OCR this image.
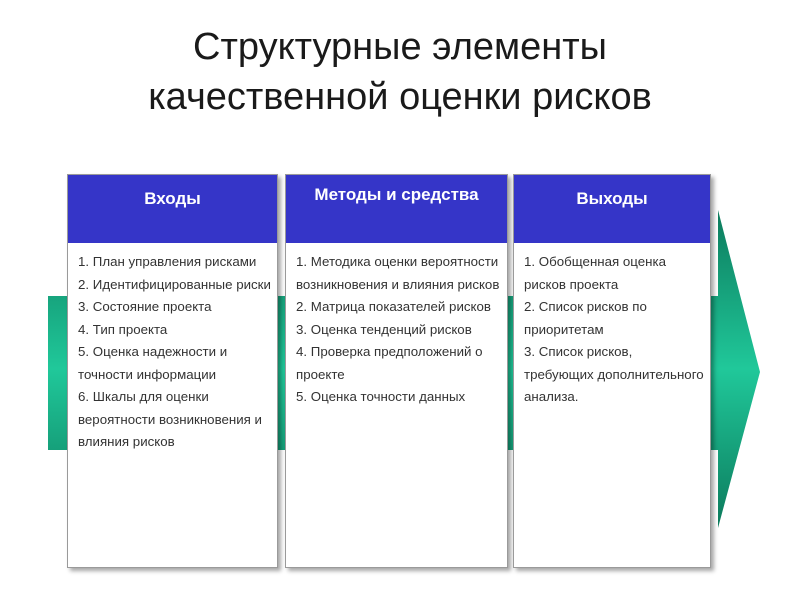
Структурные элементы
качественной оценки рисков
Входы
1. План управления рисками
2. Идентифицированные риски
3. Состояние проекта
4. Тип проекта
5. Оценка надежности и точности информации
6. Шкалы для оценки вероятности возникновения и влияния рисков
Методы и средства
1. Методика оценки вероятности возникновения и влияния рисков
2. Матрица показателей рисков
3. Оценка тенденций рисков
4. Проверка предположений о проекте
5. Оценка точности данных
Выходы
1. Обобщенная оценка рисков проекта
2. Список рисков по приоритетам
3. Список рисков, требующих дополнительного анализа.
